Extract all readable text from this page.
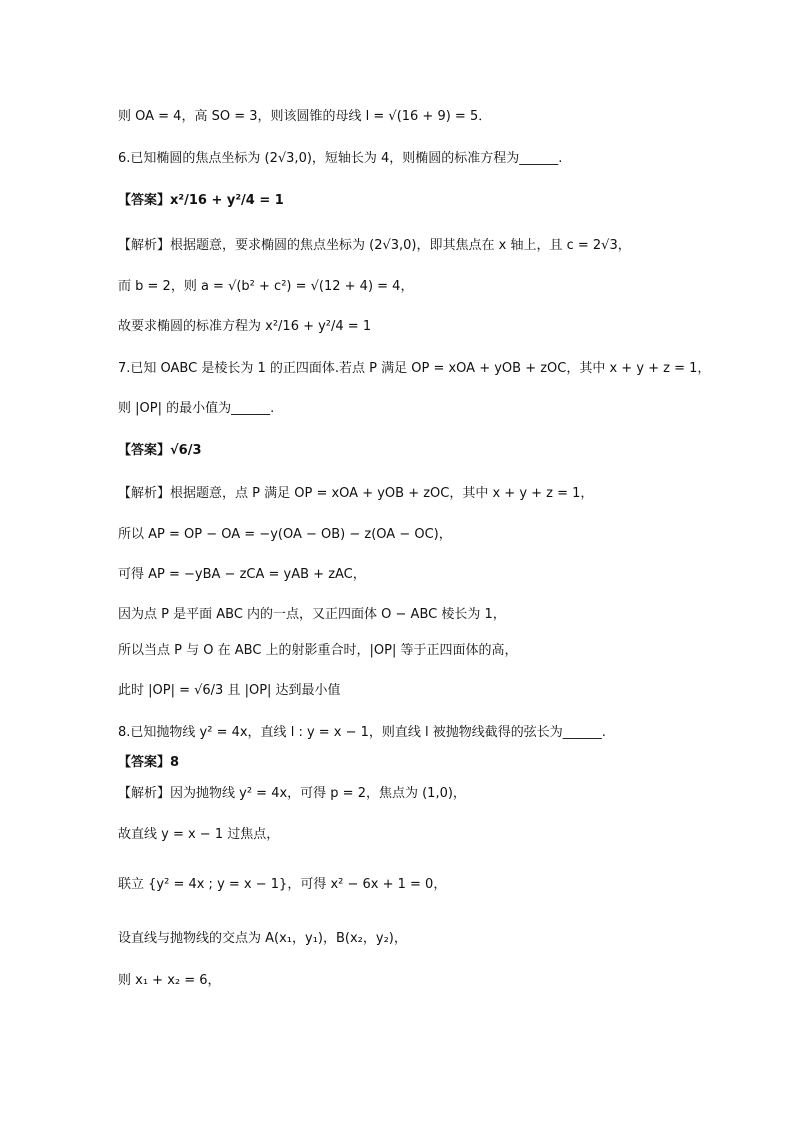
则 OA = 4，高 SO = 3，则该圆锥的母线 l = √(16 + 9) = 5．
6.已知椭圆的焦点坐标为 (2√3,0)，短轴长为 4，则椭圆的标准方程为______.
【答案】x²/16 + y²/4 = 1
【解析】根据题意，要求椭圆的焦点坐标为 (2√3,0)，即其焦点在 x 轴上，且 c = 2√3，
而 b = 2，则 a = √(b² + c²) = √(12 + 4) = 4，
故要求椭圆的标准方程为 x²/16 + y²/4 = 1
7.已知 OABC 是棱长为 1 的正四面体.若点 P 满足 OP = xOA + yOB + zOC，其中 x + y + z = 1，
则 |OP| 的最小值为______.
【答案】√6/3
【解析】根据题意，点 P 满足 OP = xOA + yOB + zOC，其中 x + y + z = 1，
所以 AP = OP − OA = −y(OA − OB) − z(OA − OC)，
可得 AP = −yBA − zCA = yAB + zAC，
因为点 P 是平面 ABC 内的一点，又正四面体 O − ABC 棱长为 1，
所以当点 P 与 O 在 ABC 上的射影重合时，|OP| 等于正四面体的高，
此时 |OP| = √6/3 且 |OP| 达到最小值
8.已知抛物线 y² = 4x，直线 l : y = x − 1，则直线 l 被抛物线截得的弦长为______.
【答案】8
【解析】因为抛物线 y² = 4x，可得 p = 2，焦点为 (1,0)，
故直线 y = x − 1 过焦点，
联立 {y² = 4x ; y = x − 1}，可得 x² − 6x + 1 = 0，
设直线与抛物线的交点为 A(x₁，y₁)，B(x₂，y₂)，
则 x₁ + x₂ = 6，
